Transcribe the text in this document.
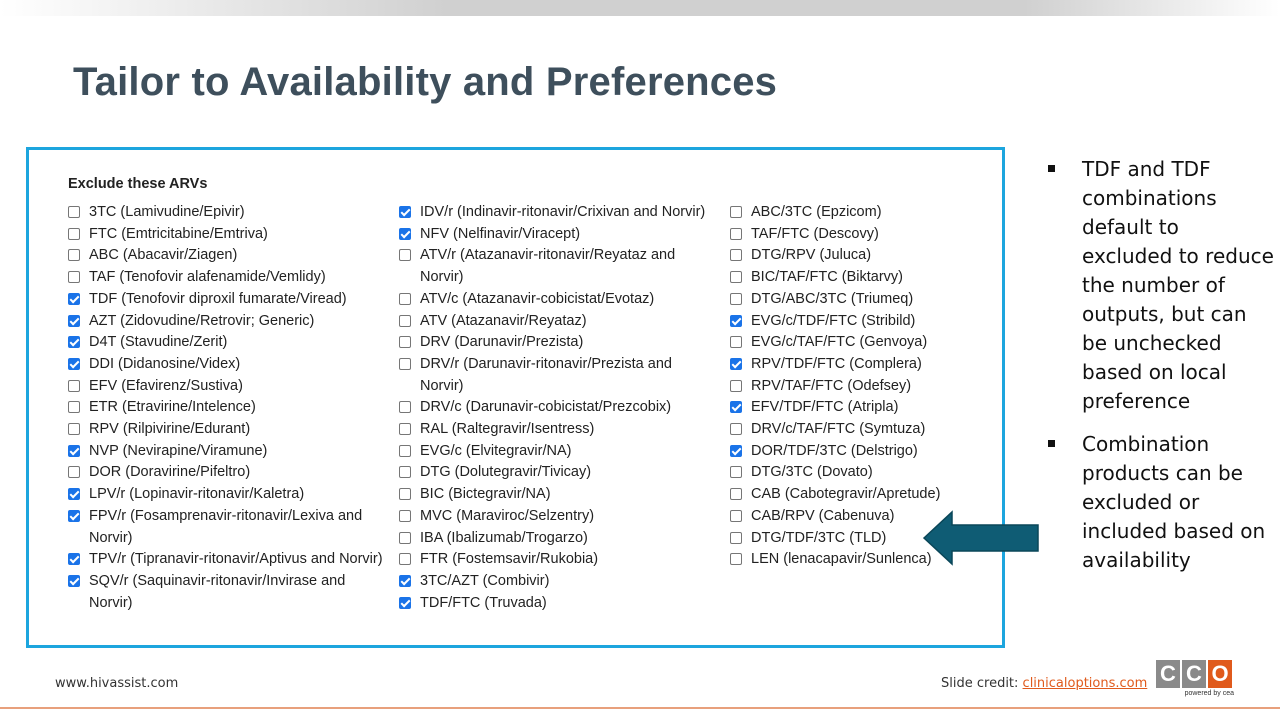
Tailor to Availability and Preferences
Exclude these ARVs
3TC (Lamivudine/Epivir)
FTC (Emtricitabine/Emtriva)
ABC (Abacavir/Ziagen)
TAF (Tenofovir alafenamide/Vemlidy)
TDF (Tenofovir diproxil fumarate/Viread)
AZT (Zidovudine/Retrovir; Generic)
D4T (Stavudine/Zerit)
DDI (Didanosine/Videx)
EFV (Efavirenz/Sustiva)
ETR (Etravirine/Intelence)
RPV (Rilpivirine/Edurant)
NVP (Nevirapine/Viramune)
DOR (Doravirine/Pifeltro)
LPV/r (Lopinavir-ritonavir/Kaletra)
FPV/r (Fosamprenavir-ritonavir/Lexiva and Norvir)
TPV/r (Tipranavir-ritonavir/Aptivus and Norvir)
SQV/r (Saquinavir-ritonavir/Invirase and Norvir)
IDV/r (Indinavir-ritonavir/Crixivan and Norvir)
NFV (Nelfinavir/Viracept)
ATV/r (Atazanavir-ritonavir/Reyataz and Norvir)
ATV/c (Atazanavir-cobicistat/Evotaz)
ATV (Atazanavir/Reyataz)
DRV (Darunavir/Prezista)
DRV/r (Darunavir-ritonavir/Prezista and Norvir)
DRV/c (Darunavir-cobicistat/Prezcobix)
RAL (Raltegravir/Isentress)
EVG/c (Elvitegravir/NA)
DTG (Dolutegravir/Tivicay)
BIC (Bictegravir/NA)
MVC (Maraviroc/Selzentry)
IBA (Ibalizumab/Trogarzo)
FTR (Fostemsavir/Rukobia)
3TC/AZT (Combivir)
TDF/FTC (Truvada)
ABC/3TC (Epzicom)
TAF/FTC (Descovy)
DTG/RPV (Juluca)
BIC/TAF/FTC (Biktarvy)
DTG/ABC/3TC (Triumeq)
EVG/c/TDF/FTC (Stribild)
EVG/c/TAF/FTC (Genvoya)
RPV/TDF/FTC (Complera)
RPV/TAF/FTC (Odefsey)
EFV/TDF/FTC (Atripla)
DRV/c/TAF/FTC (Symtuza)
DOR/TDF/3TC (Delstrigo)
DTG/3TC (Dovato)
CAB (Cabotegravir/Apretude)
CAB/RPV (Cabenuva)
DTG/TDF/3TC (TLD)
LEN (lenacapavir/Sunlenca)
TDF and TDF combinations default to excluded to reduce the number of outputs, but can be unchecked based on local preference
Combination products can be excluded or included based on availability
www.hivassist.com	Slide credit: clinicaloptions.com C C O
powered by cea
